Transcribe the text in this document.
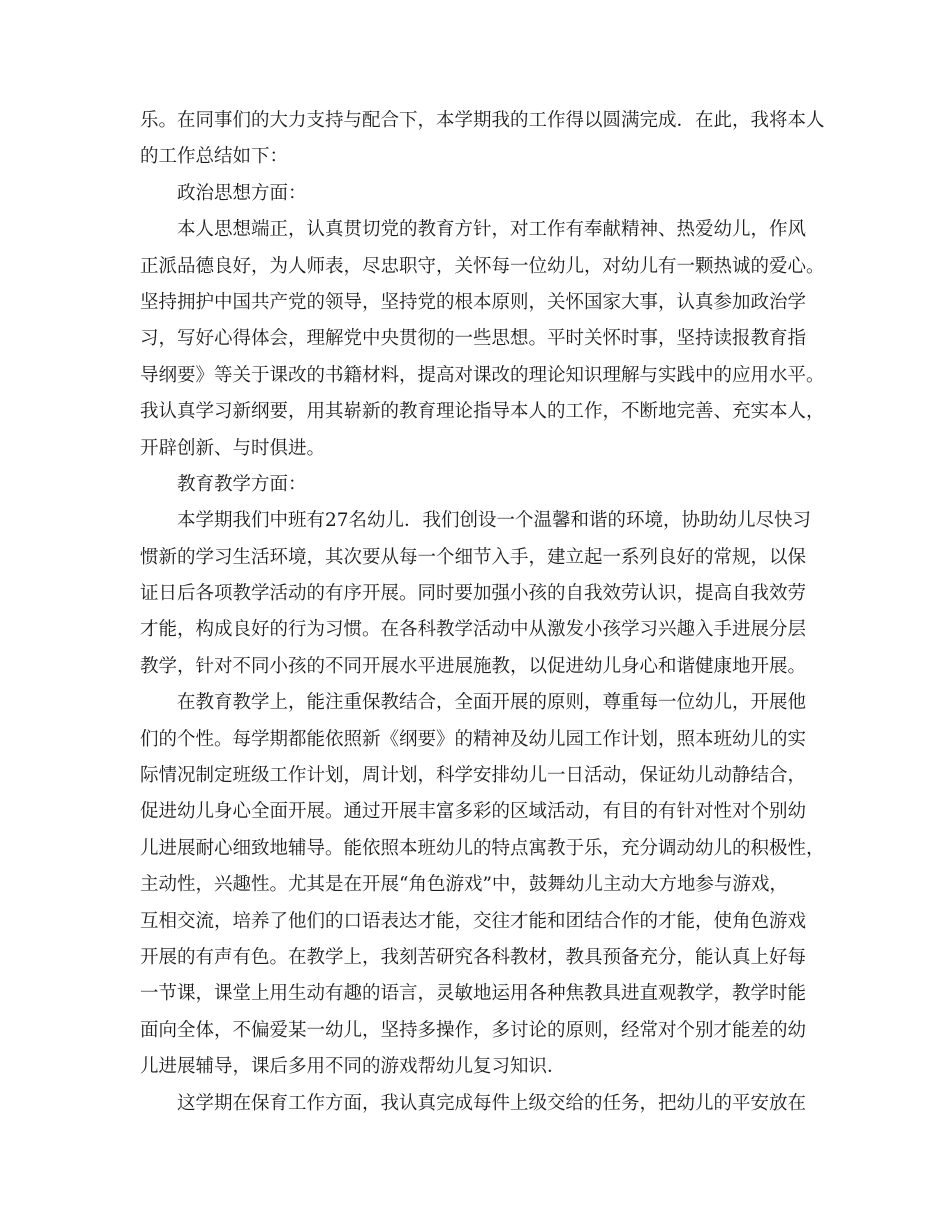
乐。在同事们的大力支持与配合下，本学期我的工作得以圆满完成．在此，我将本人
的工作总结如下：
政治思想方面：
本人思想端正，认真贯切党的教育方针，对工作有奉献精神、热爱幼儿，作风
正派品德良好，为人师表，尽忠职守，关怀每一位幼儿，对幼儿有一颗热诚的爱心。
坚持拥护中国共产党的领导，坚持党的根本原则，关怀国家大事，认真参加政治学
习，写好心得体会，理解党中央贯彻的一些思想。平时关怀时事，坚持读报教育指
导纲要》等关于课改的书籍材料，提高对课改的理论知识理解与实践中的应用水平。
我认真学习新纲要，用其崭新的教育理论指导本人的工作，不断地完善、充实本人，
开辟创新、与时俱进。
教育教学方面：
本学期我们中班有27名幼儿．我们创设一个温馨和谐的环境，协助幼儿尽快习
惯新的学习生活环境，其次要从每一个细节入手，建立起一系列良好的常规，以保
证日后各项教学活动的有序开展。同时要加强小孩的自我效劳认识，提高自我效劳
才能，构成良好的行为习惯。在各科教学活动中从激发小孩学习兴趣入手进展分层
教学，针对不同小孩的不同开展水平进展施教，以促进幼儿身心和谐健康地开展。
在教育教学上，能注重保教结合，全面开展的原则，尊重每一位幼儿，开展他
们的个性。每学期都能依照新《纲要》的精神及幼儿园工作计划，照本班幼儿的实
际情况制定班级工作计划，周计划，科学安排幼儿一日活动，保证幼儿动静结合，
促进幼儿身心全面开展。通过开展丰富多彩的区域活动，有目的有针对性对个别幼
儿进展耐心细致地辅导。能依照本班幼儿的特点寓教于乐，充分调动幼儿的积极性，
主动性，兴趣性。尤其是在开展“角色游戏”中，鼓舞幼儿主动大方地参与游戏，
互相交流，培养了他们的口语表达才能，交往才能和团结合作的才能，使角色游戏
开展的有声有色。在教学上，我刻苦研究各科教材，教具预备充分，能认真上好每
一节课，课堂上用生动有趣的语言，灵敏地运用各种焦教具进直观教学，教学时能
面向全体，不偏爱某一幼儿，坚持多操作，多讨论的原则，经常对个别才能差的幼
儿进展辅导，课后多用不同的游戏帮幼儿复习知识．
这学期在保育工作方面，我认真完成每件上级交给的任务，把幼儿的平安放在
